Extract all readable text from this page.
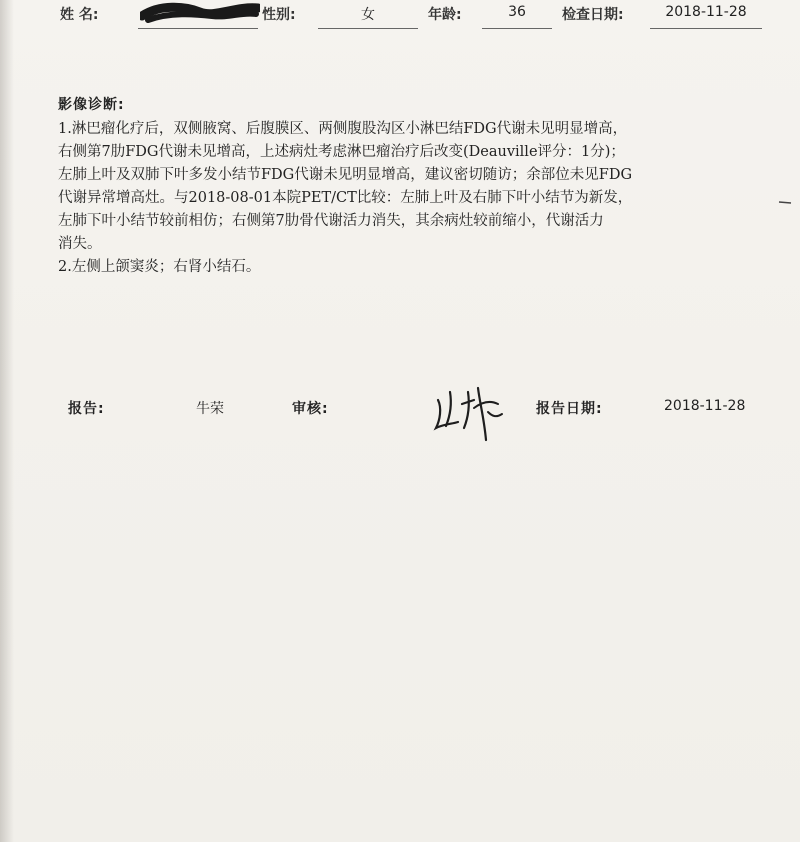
姓 名:	性别:	女	年龄:	36	检查日期:	2018-11-28
影像诊断:
1.淋巴瘤化疗后，双侧腋窝、后腹膜区、两侧腹股沟区小淋巴结FDG代谢未见明显增高，
右侧第7肋FDG代谢未见增高，上述病灶考虑淋巴瘤治疗后改变(Deauville评分：1分)；
左肺上叶及双肺下叶多发小结节FDG代谢未见明显增高，建议密切随访；余部位未见FDG
代谢异常增高灶。与2018-08-01本院PET/CT比较：左肺上叶及右肺下叶小结节为新发，
左肺下叶小结节较前相仿；右侧第7肋骨代谢活力消失，其余病灶较前缩小，代谢活力
消失。
2.左侧上颌窦炎；右肾小结石。
报告:	牛荣	审核:	报告日期:	2018-11-28
